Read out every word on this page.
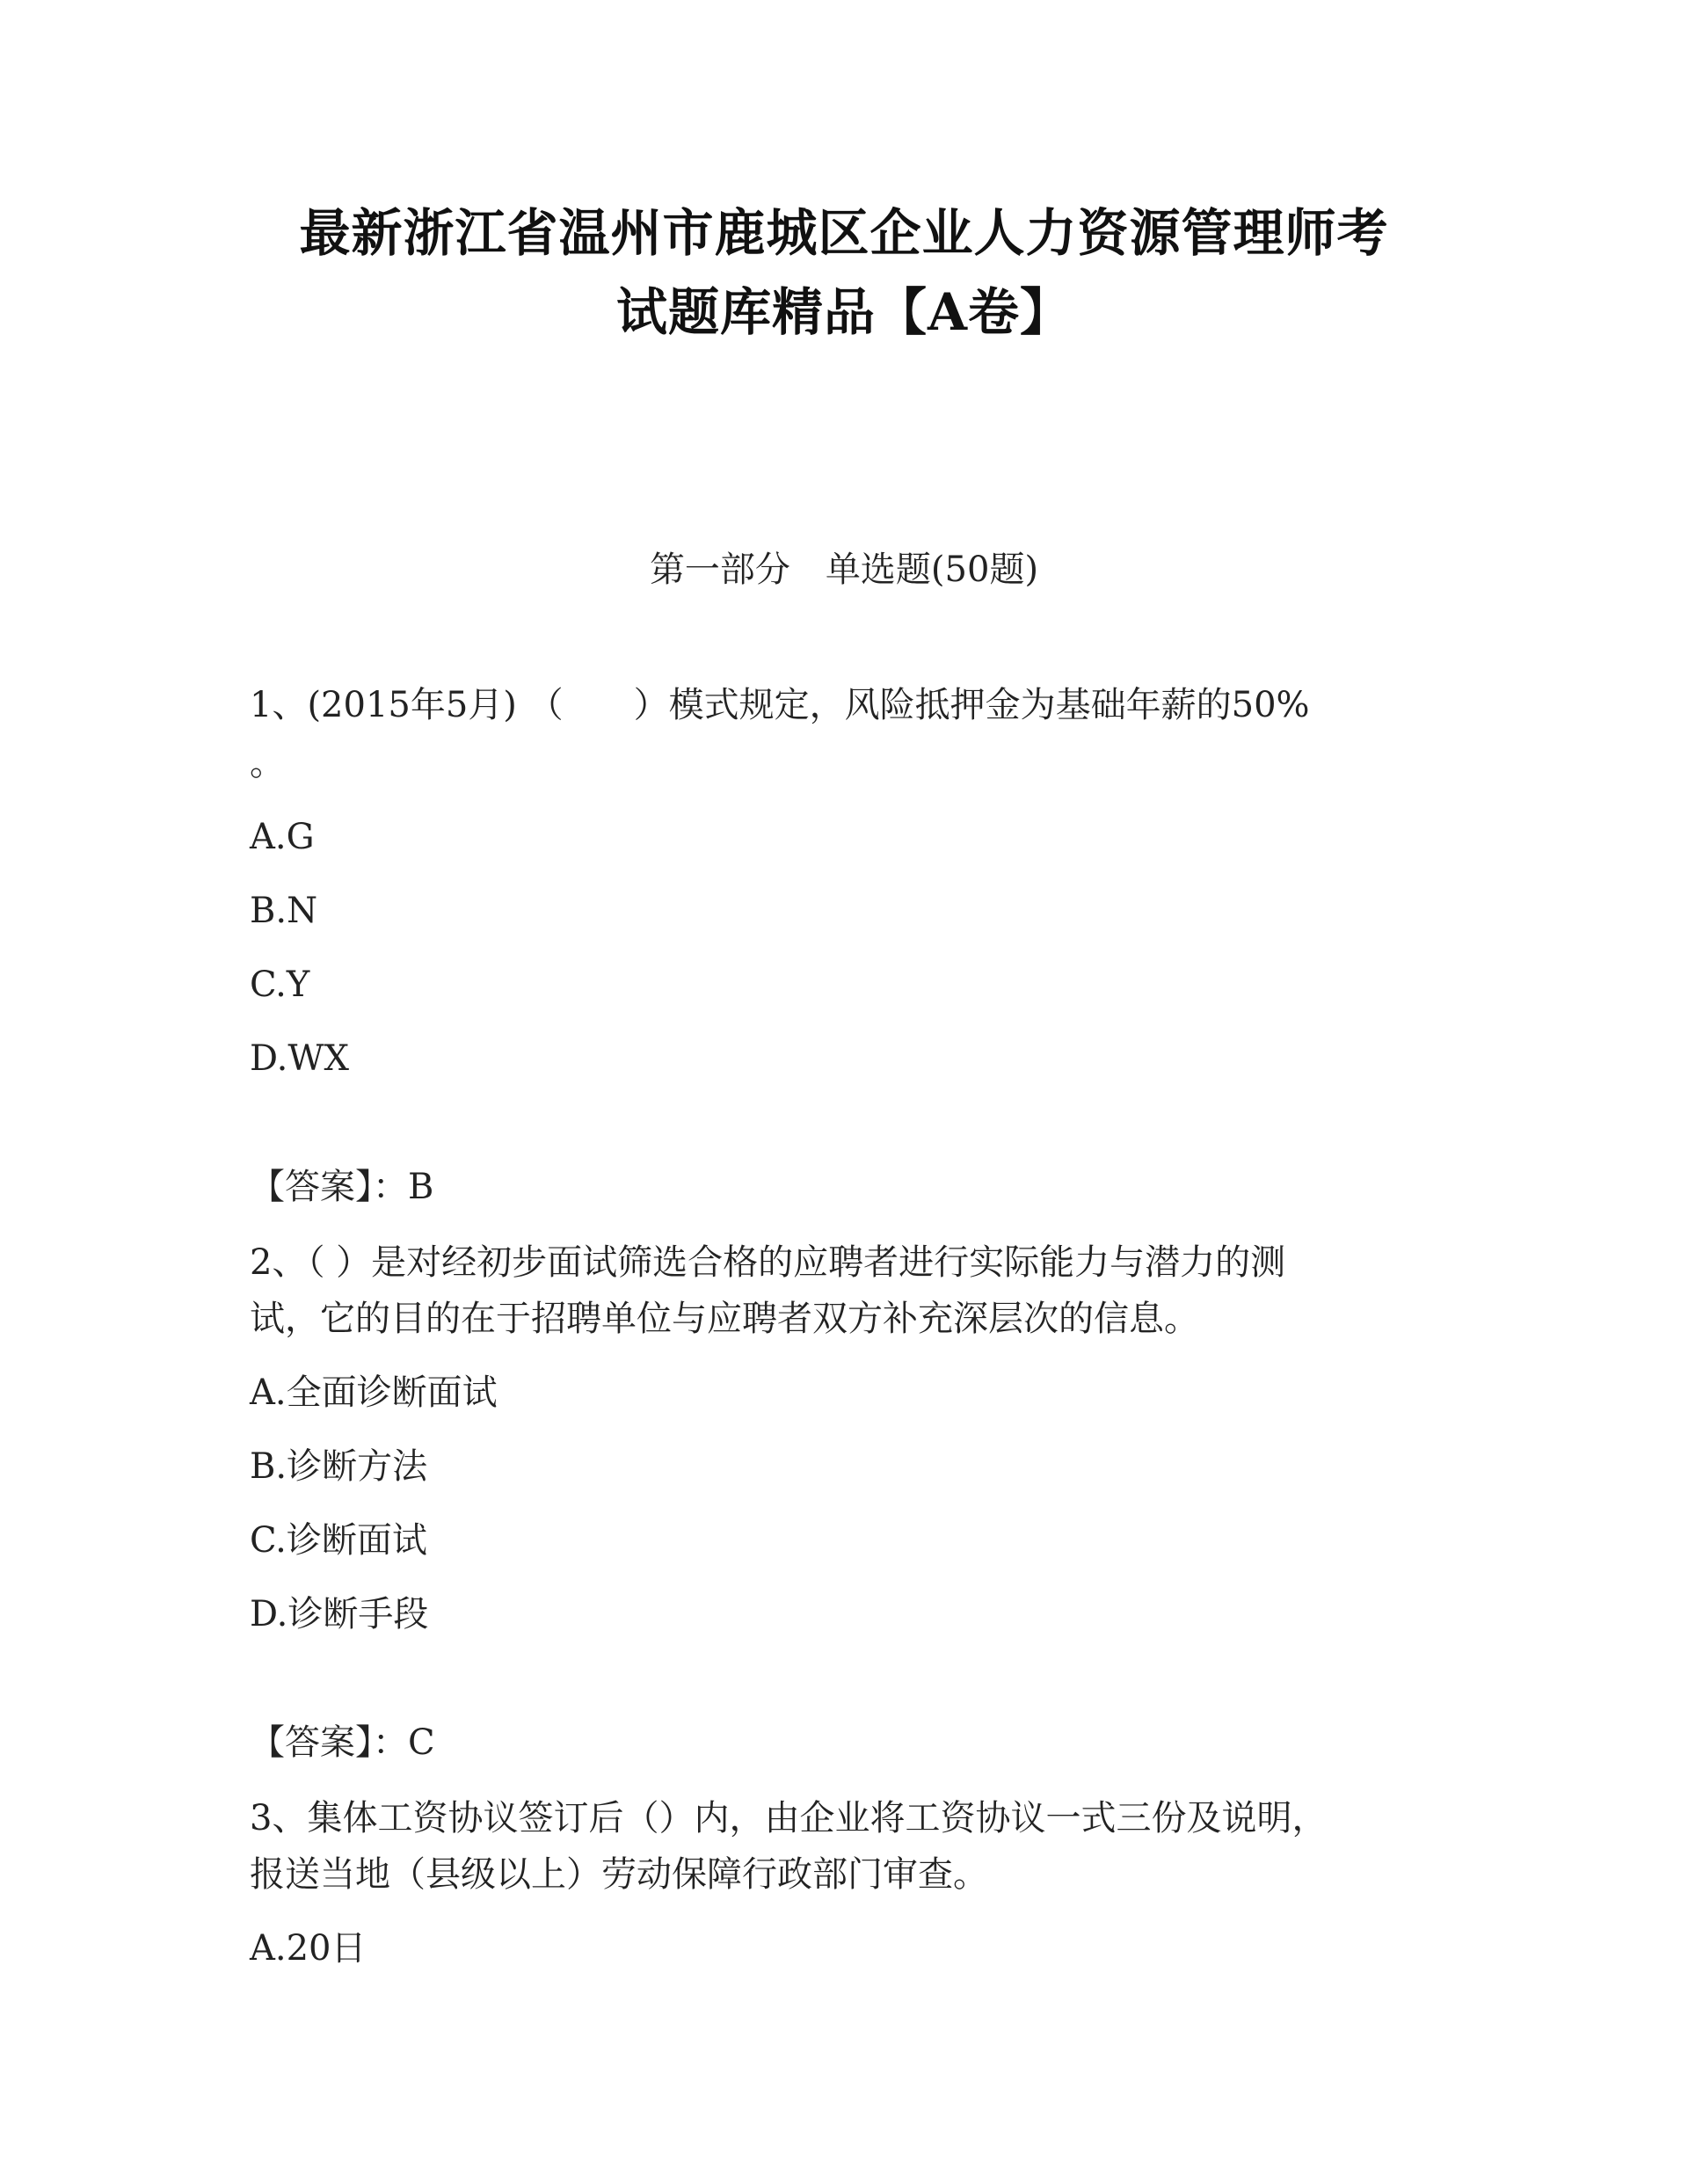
最新浙江省温州市鹿城区企业人力资源管理师考
试题库精品【A卷】
第一部分　单选题(50题)
1、(2015年5月) （　　）模式规定，风险抵押金为基础年薪的50%
。
A.G
B.N
C.Y
D.WX
【答案】：B
2、（ ）是对经初步面试筛选合格的应聘者进行实际能力与潜力的测
试，它的目的在于招聘单位与应聘者双方补充深层次的信息。
A.全面诊断面试
B.诊断方法
C.诊断面试
D.诊断手段
【答案】：C
3、集体工资协议签订后（）内，由企业将工资协议一式三份及说明，
报送当地（县级以上）劳动保障行政部门审查。
A.20日
